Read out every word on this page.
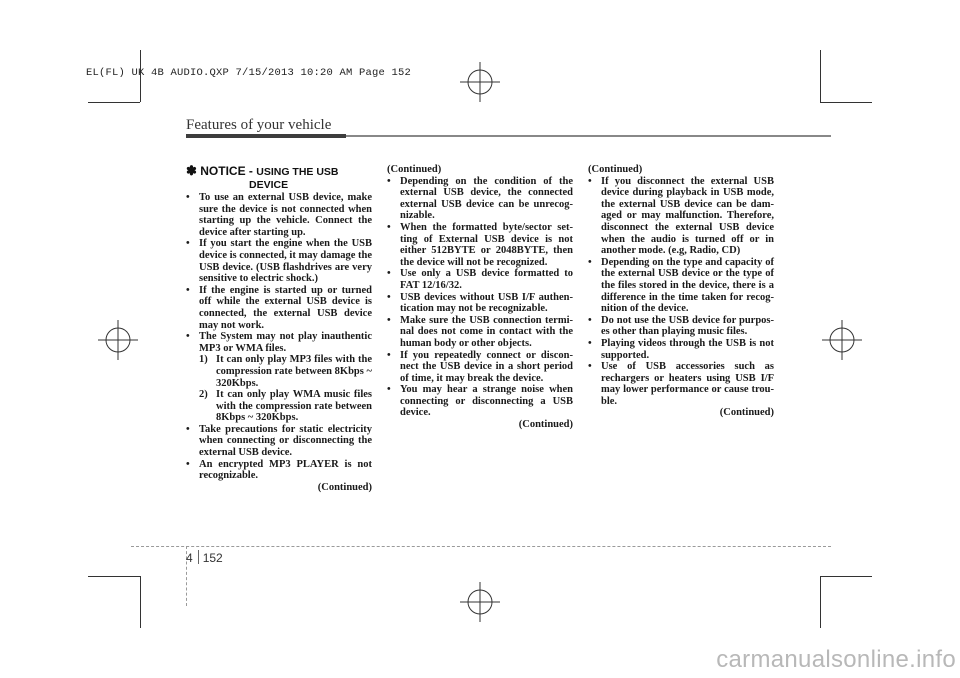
EL(FL) UK 4B AUDIO.QXP 7/15/2013 10:20 AM Page 152
Features of your vehicle
✽ NOTICE - USING THE USB
DEVICE
• To use an external USB device, make sure the device is not connected when starting up the vehicle. Connect the device after starting up.
• If you start the engine when the USB device is connected, it may damage the USB device. (USB flashdrives are very sensitive to electric shock.)
• If the engine is started up or turned off while the external USB device is connected, the external USB device may not work.
• The System may not play inauthentic MP3 or WMA files.
1) It can only play MP3 files with the compression rate between 8Kbps ~ 320Kbps.
2) It can only play WMA music files with the compression rate between 8Kbps ~ 320Kbps.
• Take precautions for static electricity when connecting or disconnecting the external USB device.
• An encrypted MP3 PLAYER is not recognizable.
(Continued)
(Continued)
• Depending on the condition of the external USB device, the connected external USB device can be unrecog-nizable.
• When the formatted byte/sector set-ting of External USB device is not either 512BYTE or 2048BYTE, then the device will not be recognized.
• Use only a USB device formatted to FAT 12/16/32.
• USB devices without USB I/F authen-tication may not be recognizable.
• Make sure the USB connection termi-nal does not come in contact with the human body or other objects.
• If you repeatedly connect or discon-nect the USB device in a short period of time, it may break the device.
• You may hear a strange noise when connecting or disconnecting a USB device.
(Continued)
(Continued)
• If you disconnect the external USB device during playback in USB mode, the external USB device can be dam-aged or may malfunction. Therefore, disconnect the external USB device when the audio is turned off or in another mode. (e.g, Radio, CD)
• Depending on the type and capacity of the external USB device or the type of the files stored in the device, there is a difference in the time taken for recog-nition of the device.
• Do not use the USB device for purpos-es other than playing music files.
• Playing videos through the USB is not supported.
• Use of USB accessories such as rechargers or heaters using USB I/F may lower performance or cause trou-ble.
(Continued)
4 152
carmanualsonline.info
